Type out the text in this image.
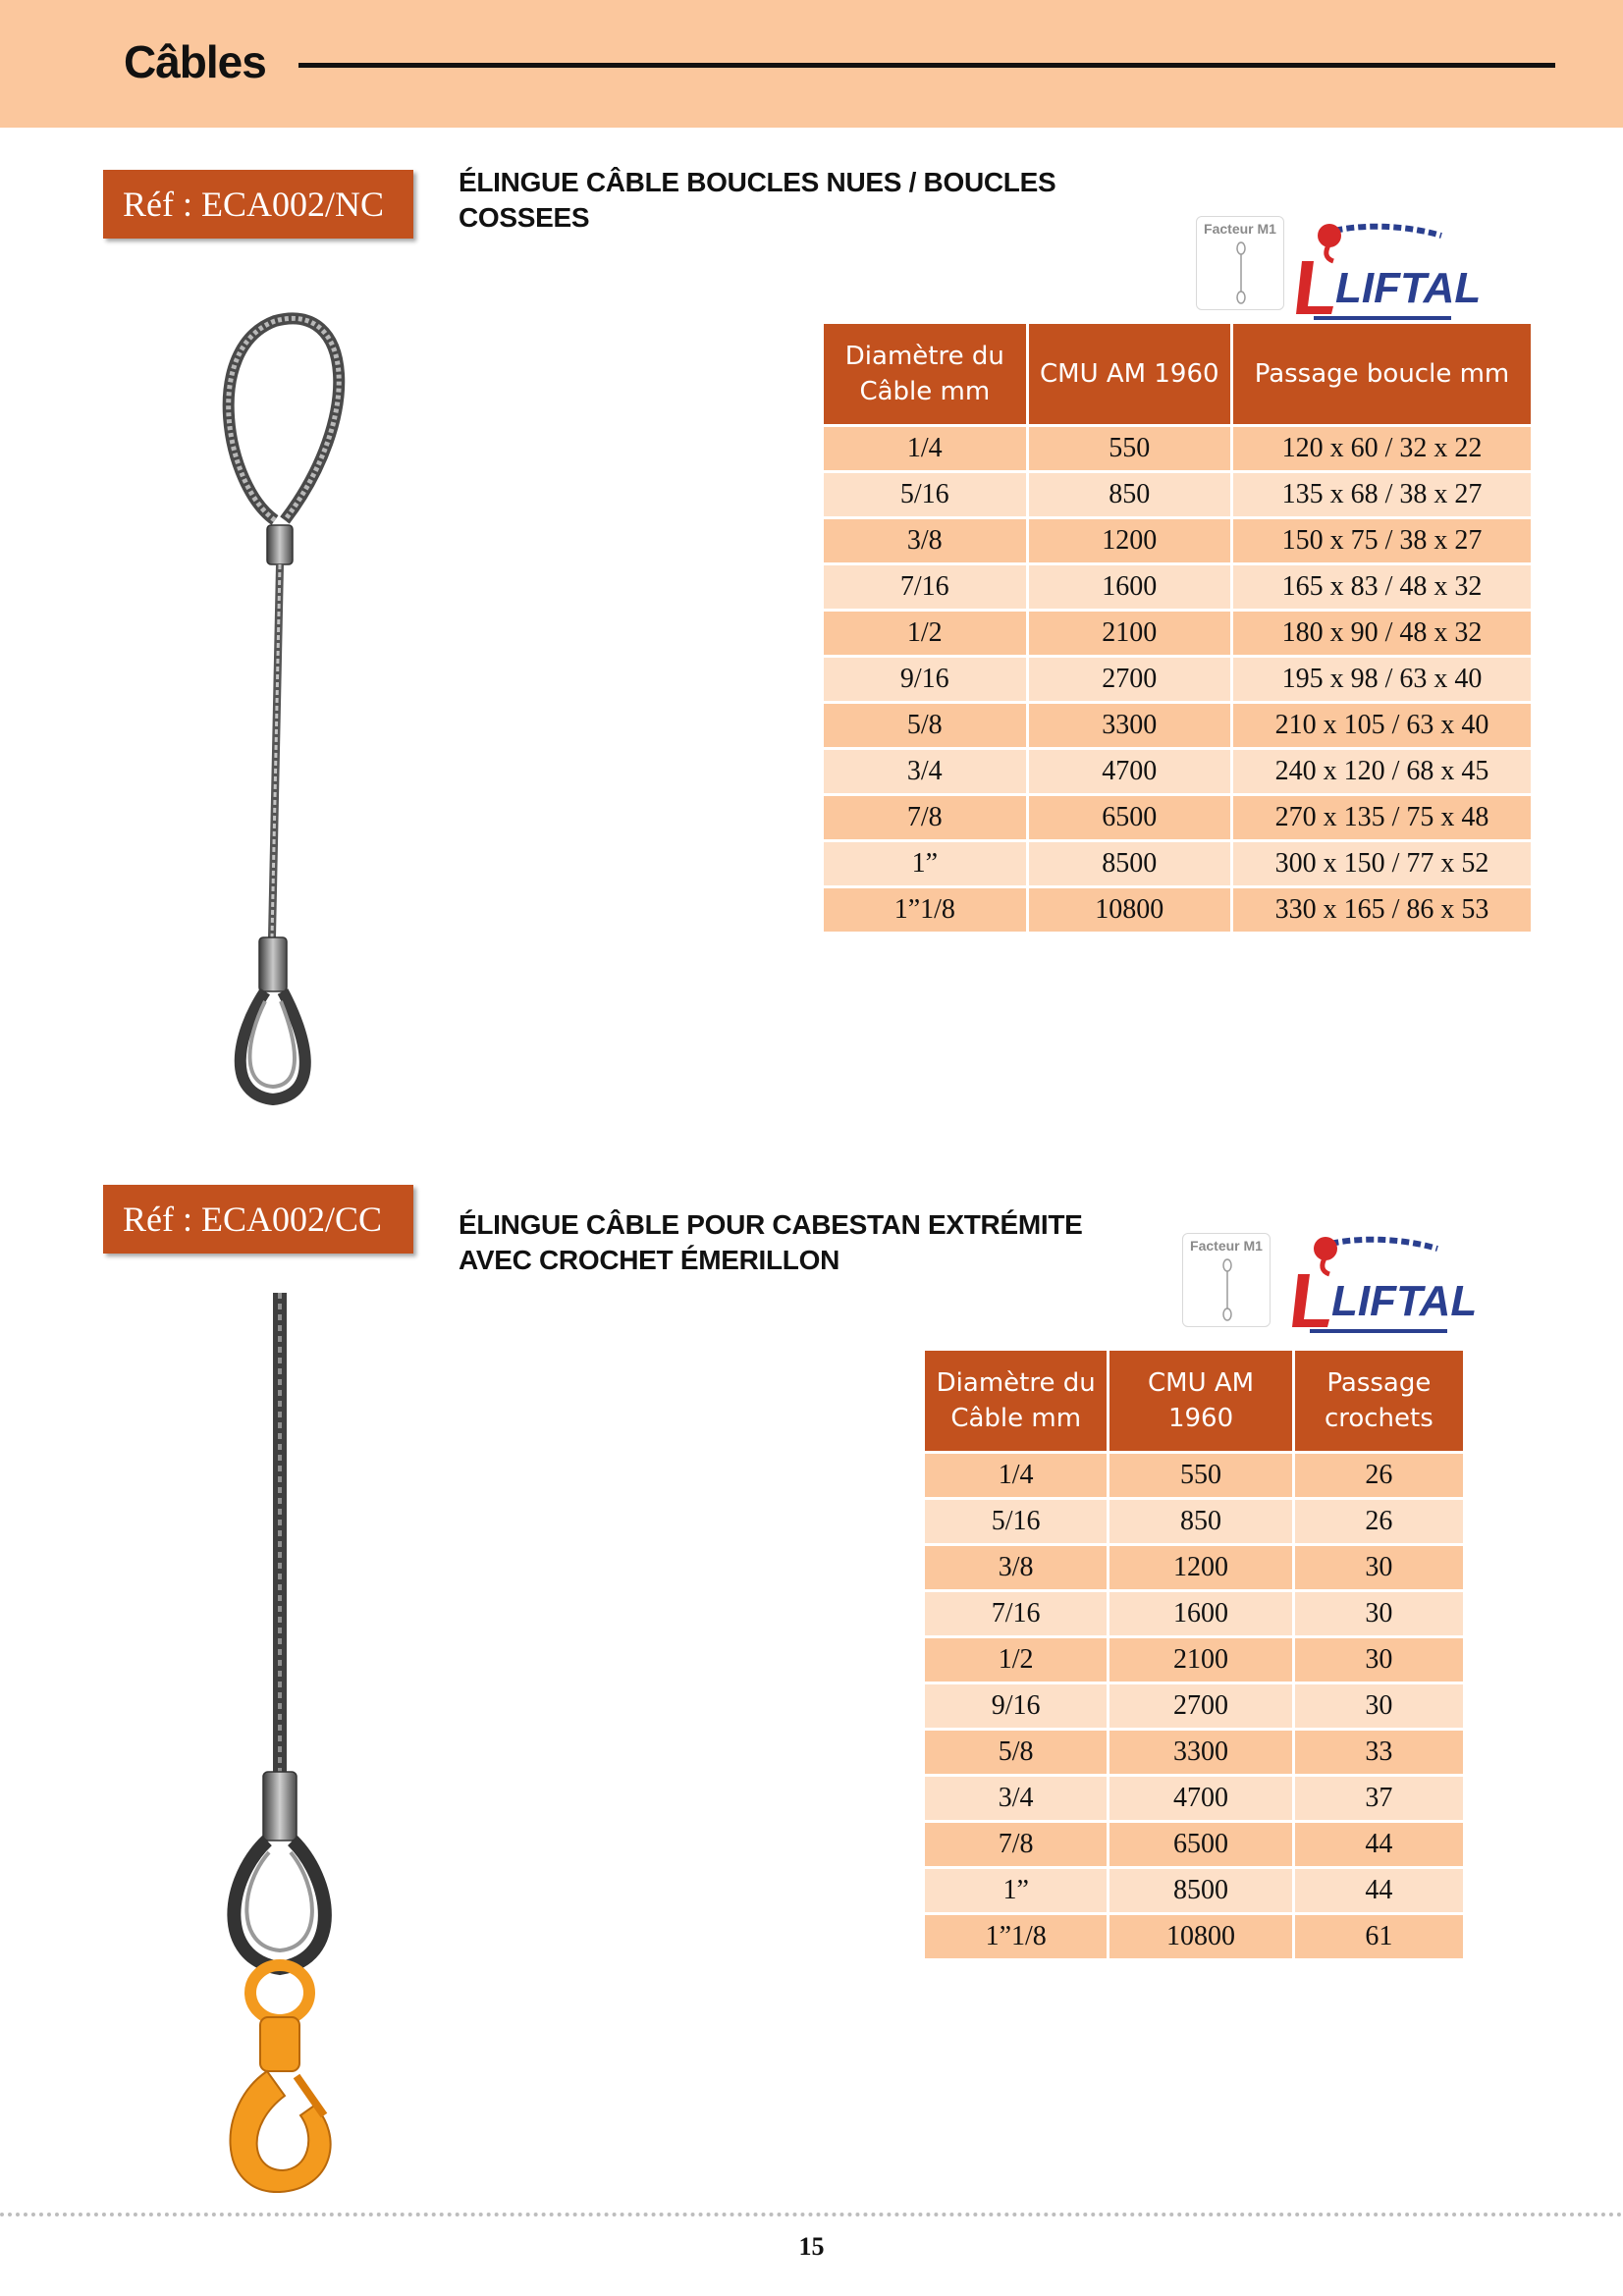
Câbles
Réf : ECA002/NC
ÉLINGUE CÂBLE BOUCLES NUES / BOUCLES
COSSEES	Facteur M1
LIFTAL
Diamètre du Câble mm	CMU AM 1960	Passage boucle mm
1/4	550	120 x 60 / 32 x 22
5/16	850	135 x 68 / 38 x 27
3/8	1200	150 x 75 / 38 x 27
7/16	1600	165 x 83 / 48 x 32
1/2	2100	180 x 90 / 48 x 32
9/16	2700	195 x 98 / 63 x 40
5/8	3300	210 x 105 / 63 x 40
3/4	4700	240 x 120 / 68 x 45
7/8	6500	270 x 135 / 75 x 48
1”	8500	300 x 150 / 77 x 52
1”1/8	10800	330 x 165 / 86 x 53
Réf : ECA002/CC	ÉLINGUE CÂBLE POUR CABESTAN EXTRÉMITE
AVEC CROCHET ÉMERILLON	Facteur M1
LIFTAL
Diamètre du Câble mm	CMU AM 1960	Passage crochets
1/4	550	26
5/16	850	26
3/8	1200	30
7/16	1600	30
1/2	2100	30
9/16	2700	30
5/8	3300	33
3/4	4700	37
7/8	6500	44
1”	8500	44
1”1/8	10800	61
15
